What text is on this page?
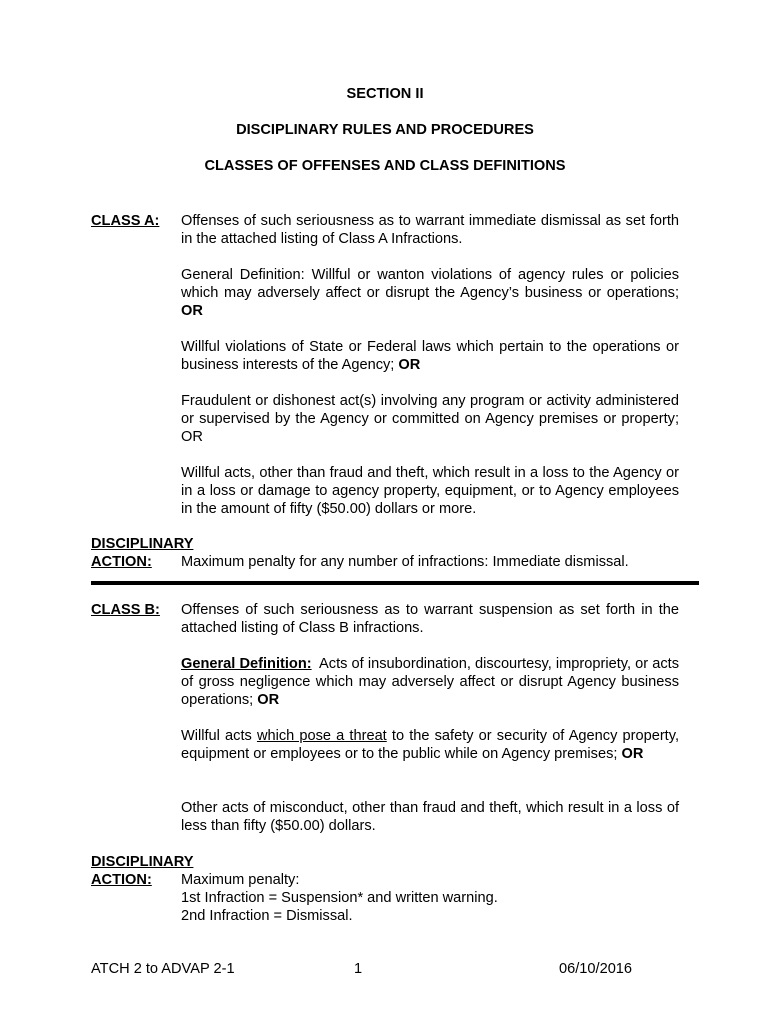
SECTION II
DISCIPLINARY RULES AND PROCEDURES
CLASSES OF OFFENSES AND CLASS DEFINITIONS
CLASS A: Offenses of such seriousness as to warrant immediate dismissal as set forth in the attached listing of Class A Infractions.
General Definition: Willful or wanton violations of agency rules or policies which may adversely affect or disrupt the Agency’s business or operations; OR
Willful violations of State or Federal laws which pertain to the operations or business interests of the Agency; OR
Fraudulent or dishonest act(s) involving any program or activity administered or supervised by the Agency or committed on Agency premises or property; OR
Willful acts, other than fraud and theft, which result in a loss to the Agency or in a loss or damage to agency property, equipment, or to Agency employees in the amount of fifty ($50.00) dollars or more.
DISCIPLINARY
ACTION: Maximum penalty for any number of infractions: Immediate dismissal.
CLASS B: Offenses of such seriousness as to warrant suspension as set forth in the attached listing of Class B infractions.
General Definition: Acts of insubordination, discourtesy, impropriety, or acts of gross negligence which may adversely affect or disrupt Agency business operations; OR
Willful acts which pose a threat to the safety or security of Agency property, equipment or employees or to the public while on Agency premises; OR
Other acts of misconduct, other than fraud and theft, which result in a loss of less than fifty ($50.00) dollars.
DISCIPLINARY
ACTION: Maximum penalty:
1st Infraction = Suspension* and written warning.
2nd Infraction = Dismissal.
ATCH 2 to ADVAP 2-1	1	06/10/2016
